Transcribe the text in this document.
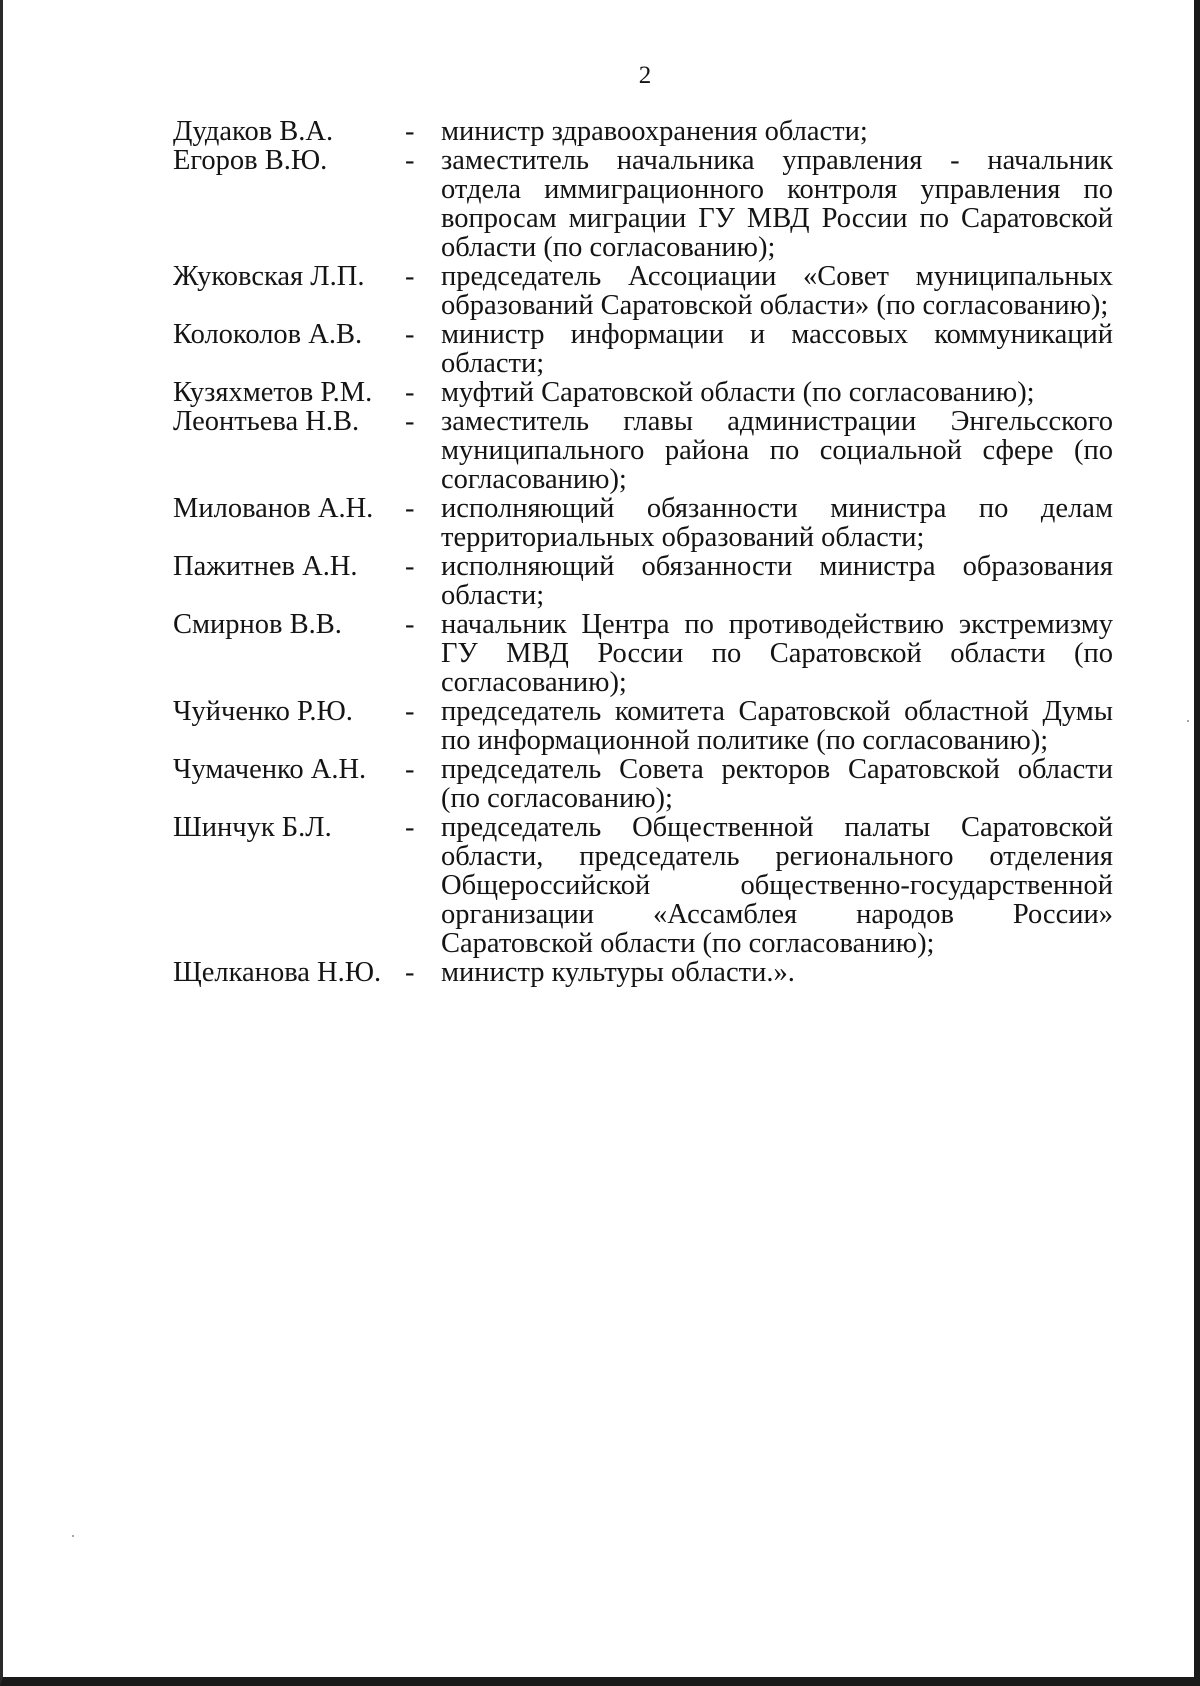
2
Дудаков В.А.	- министр здравоохранения области;
Егоров В.Ю.	- заместитель начальника управления - начальник отдела иммиграционного контроля управления по вопросам миграции ГУ МВД России по Саратовской области (по согласованию);
Жуковская Л.П. - председатель Ассоциации «Совет муниципальных образований Саратовской области» (по согласованию);
Колоколов А.В. - министр информации и массовых коммуникаций области;
Кузяхметов Р.М. - муфтий Саратовской области (по согласованию);
Леонтьева Н.В. - заместитель главы администрации Энгельсского муниципального района по социальной сфере (по согласованию);
Милованов А.Н. - исполняющий обязанности министра по делам территориальных образований области;
Пажитнев А.Н. - исполняющий обязанности министра образования области;
Смирнов В.В. - начальник Центра по противодействию экстремизму ГУ МВД России по Саратовской области (по согласованию);
Чуйченко Р.Ю. - председатель комитета Саратовской областной Думы по информационной политике (по согласованию);
Чумаченко А.Н. - председатель Совета ректоров Саратовской области (по согласованию);
Шинчук Б.Л.	- председатель Общественной палаты Саратовской области, председатель регионального отделения Общероссийской общественно-государственной организации «Ассамблея народов России» Саратовской области (по согласованию);
Щелканова Н.Ю. - министр культуры области.».
